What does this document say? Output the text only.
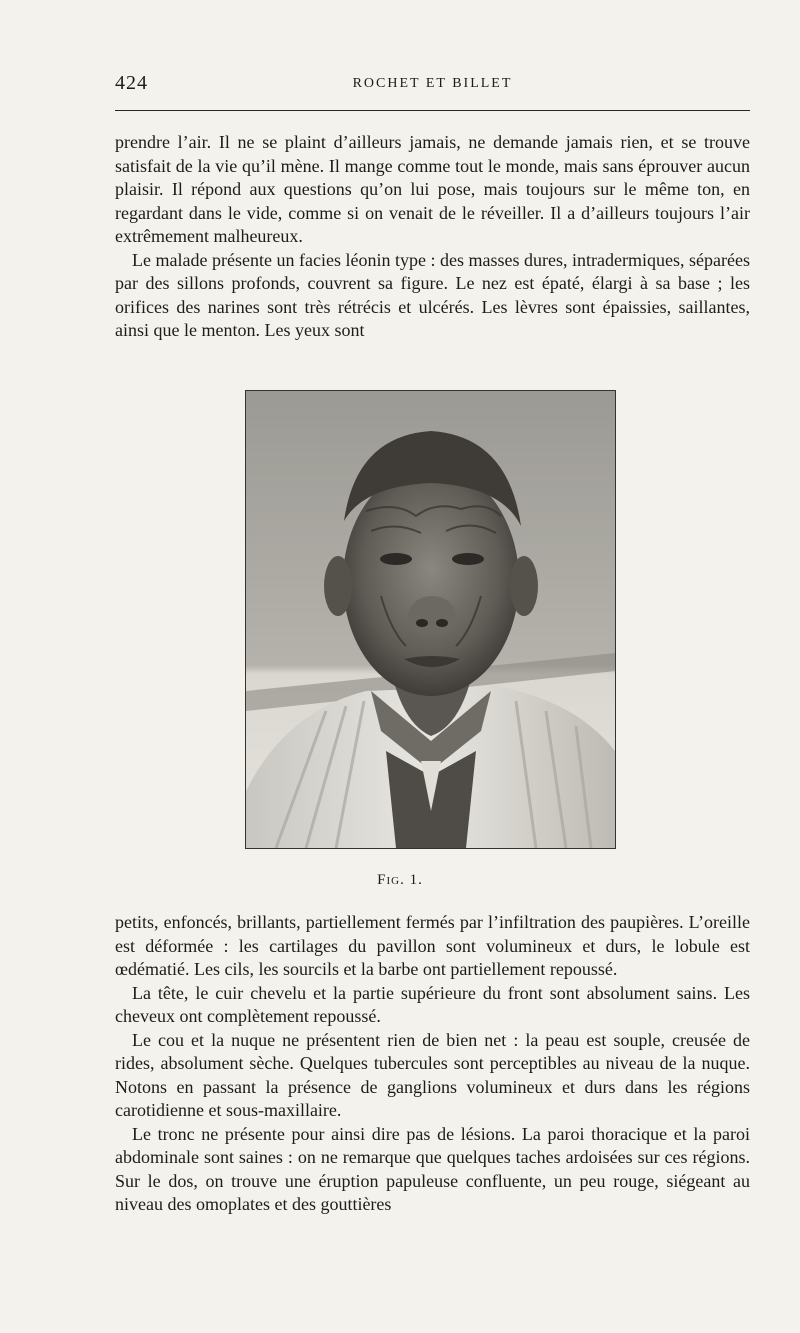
424	ROCHET ET BILLET

prendre l’air. Il ne se plaint d’ailleurs jamais, ne demande jamais rien, et se trouve satisfait de la vie qu’il mène. Il mange comme tout le monde, mais sans éprouver aucun plaisir. Il répond aux questions qu’on lui pose, mais toujours sur le même ton, en regardant dans le vide, comme si on venait de le réveiller. Il a d’ailleurs toujours l’air extrêmement malheureux.

Le malade présente un facies léonin type : des masses dures, intradermiques, séparées par des sillons profonds, couvrent sa figure. Le nez est épaté, élargi à sa base ; les orifices des narines sont très rétrécis et ulcérés. Les lèvres sont épaissies, saillantes, ainsi que le menton. Les yeux sont

Fig. 1.

petits, enfoncés, brillants, partiellement fermés par l’infiltration des paupières. L’oreille est déformée : les cartilages du pavillon sont volumineux et durs, le lobule est œdématié. Les cils, les sourcils et la barbe ont partiellement repoussé.

La tête, le cuir chevelu et la partie supérieure du front sont absolument sains. Les cheveux ont complètement repoussé.

Le cou et la nuque ne présentent rien de bien net : la peau est souple, creusée de rides, absolument sèche. Quelques tubercules sont perceptibles au niveau de la nuque. Notons en passant la présence de ganglions volumineux et durs dans les régions carotidienne et sous-maxillaire.

Le tronc ne présente pour ainsi dire pas de lésions. La paroi thoracique et la paroi abdominale sont saines : on ne remarque que quelques taches ardoisées sur ces régions. Sur le dos, on trouve une éruption papuleuse confluente, un peu rouge, siégeant au niveau des omoplates et des gouttières
